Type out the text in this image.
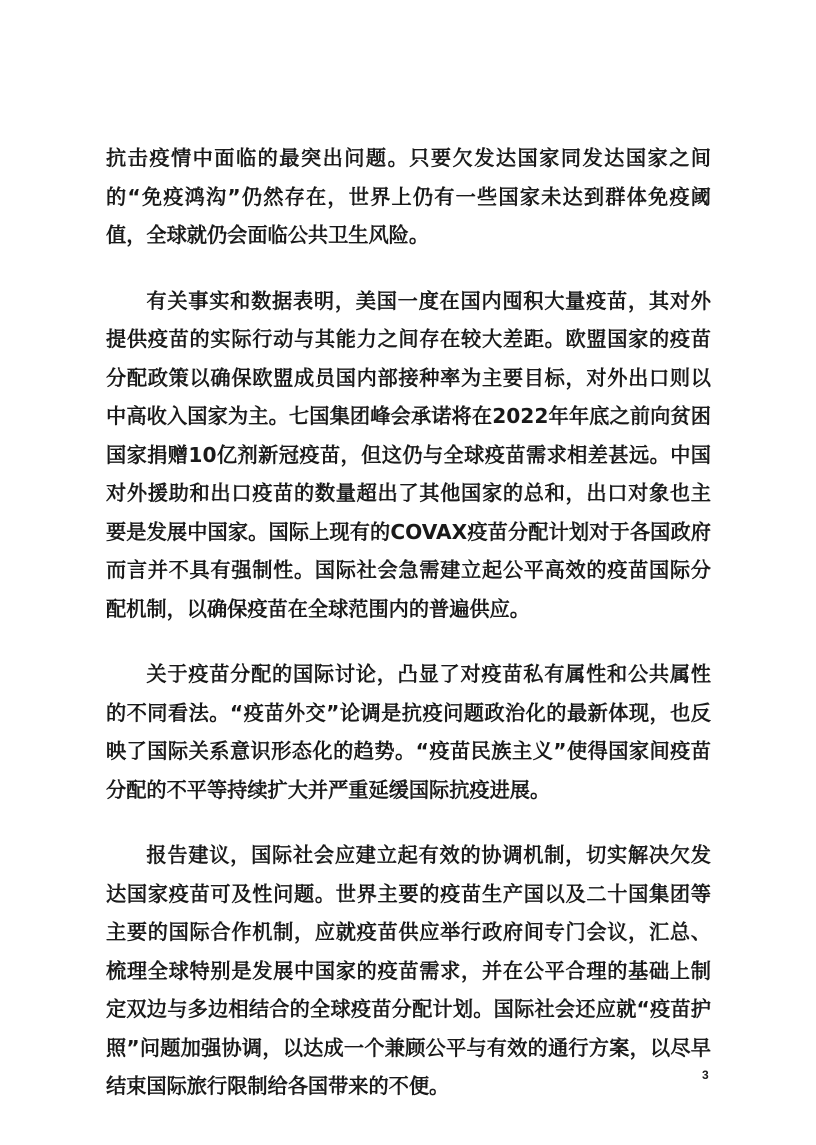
抗击疫情中面临的最突出问题。只要欠发达国家同发达国家之间的“免疫鸿沟”仍然存在，世界上仍有一些国家未达到群体免疫阈值，全球就仍会面临公共卫生风险。

有关事实和数据表明，美国一度在国内囤积大量疫苗，其对外提供疫苗的实际行动与其能力之间存在较大差距。欧盟国家的疫苗分配政策以确保欧盟成员国内部接种率为主要目标，对外出口则以中高收入国家为主。七国集团峰会承诺将在2022年年底之前向贫困国家捐赠10亿剂新冠疫苗，但这仍与全球疫苗需求相差甚远。中国对外援助和出口疫苗的数量超出了其他国家的总和，出口对象也主要是发展中国家。国际上现有的COVAX疫苗分配计划对于各国政府而言并不具有强制性。国际社会急需建立起公平高效的疫苗国际分配机制，以确保疫苗在全球范围内的普遍供应。

关于疫苗分配的国际讨论，凸显了对疫苗私有属性和公共属性的不同看法。“疫苗外交”论调是抗疫问题政治化的最新体现，也反映了国际关系意识形态化的趋势。“疫苗民族主义”使得国家间疫苗分配的不平等持续扩大并严重延缓国际抗疫进展。

报告建议，国际社会应建立起有效的协调机制，切实解决欠发达国家疫苗可及性问题。世界主要的疫苗生产国以及二十国集团等主要的国际合作机制，应就疫苗供应举行政府间专门会议，汇总、梳理全球特别是发展中国家的疫苗需求，并在公平合理的基础上制定双边与多边相结合的全球疫苗分配计划。国际社会还应就“疫苗护照”问题加强协调，以达成一个兼顾公平与有效的通行方案，以尽早结束国际旅行限制给各国带来的不便。	3
